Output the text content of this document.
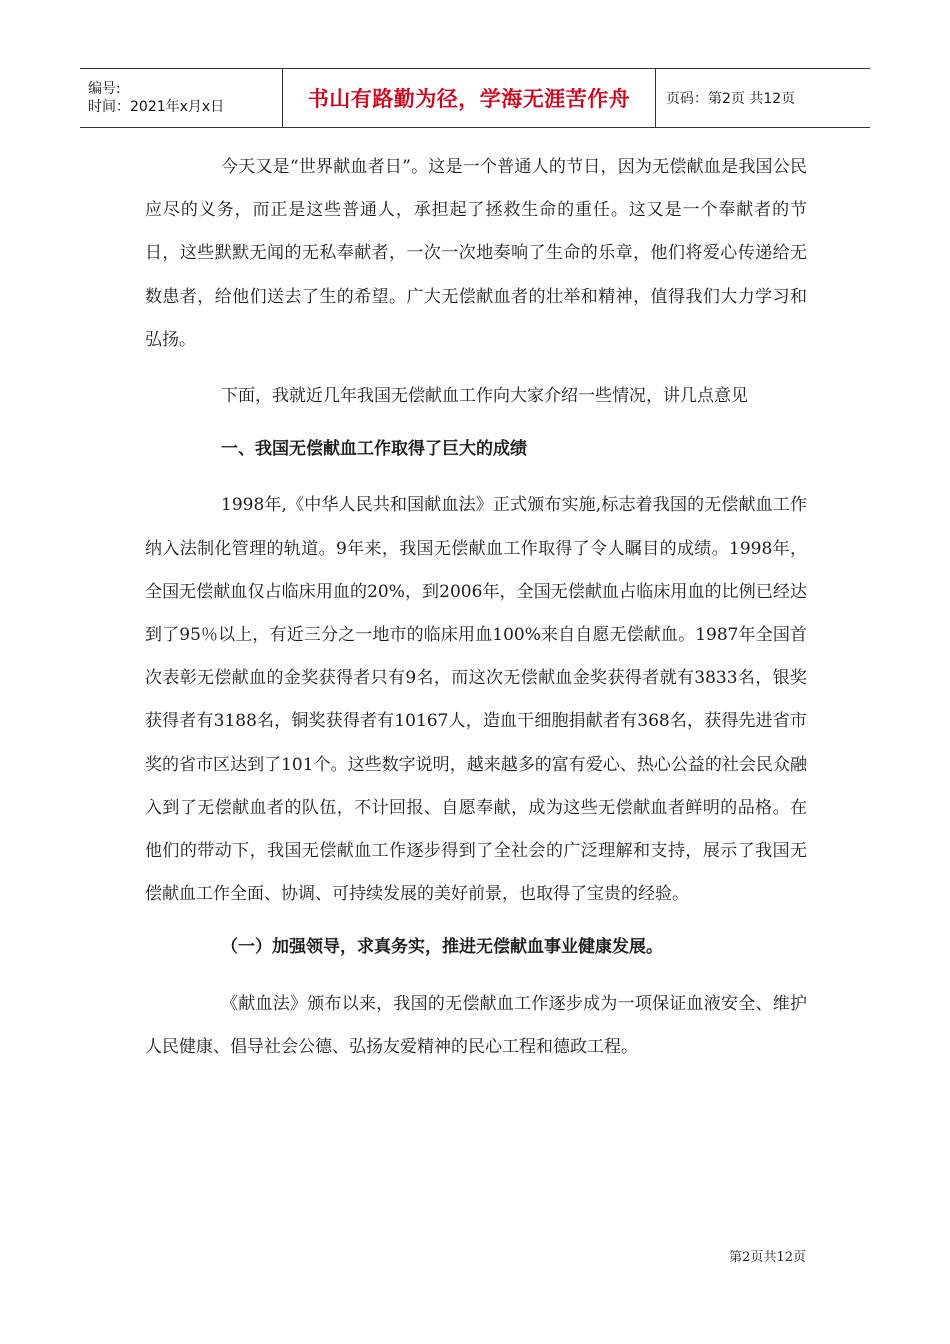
编号:
时间：2021年x月x日	书山有路勤为径，学海无涯苦作舟	页码：第2页 共12页

今天又是“世界献血者日”。这是一个普通人的节日，因为无偿献血是我国公民应尽的义务，而正是这些普通人，承担起了拯救生命的重任。这又是一个奉献者的节日，这些默默无闻的无私奉献者，一次一次地奏响了生命的乐章，他们将爱心传递给无数患者，给他们送去了生的希望。广大无偿献血者的壮举和精神，值得我们大力学习和弘扬。

下面，我就近几年我国无偿献血工作向大家介绍一些情况，讲几点意见

一、我国无偿献血工作取得了巨大的成绩

1998年,《中华人民共和国献血法》正式颁布实施,标志着我国的无偿献血工作纳入法制化管理的轨道。9年来，我国无偿献血工作取得了令人瞩目的成绩。1998年，全国无偿献血仅占临床用血的20%，到2006年，全国无偿献血占临床用血的比例已经达到了95％以上，有近三分之一地市的临床用血100%来自自愿无偿献血。1987年全国首次表彰无偿献血的金奖获得者只有9名，而这次无偿献血金奖获得者就有3833名，银奖获得者有3188名，铜奖获得者有10167人，造血干细胞捐献者有368名，获得先进省市奖的省市区达到了101个。这些数字说明，越来越多的富有爱心、热心公益的社会民众融入到了无偿献血者的队伍，不计回报、自愿奉献，成为这些无偿献血者鲜明的品格。在他们的带动下，我国无偿献血工作逐步得到了全社会的广泛理解和支持，展示了我国无偿献血工作全面、协调、可持续发展的美好前景，也取得了宝贵的经验。

（一）加强领导，求真务实，推进无偿献血事业健康发展。

《献血法》颁布以来，我国的无偿献血工作逐步成为一项保证血液安全、维护人民健康、倡导社会公德、弘扬友爱精神的民心工程和德政工程。

第2页共12页
